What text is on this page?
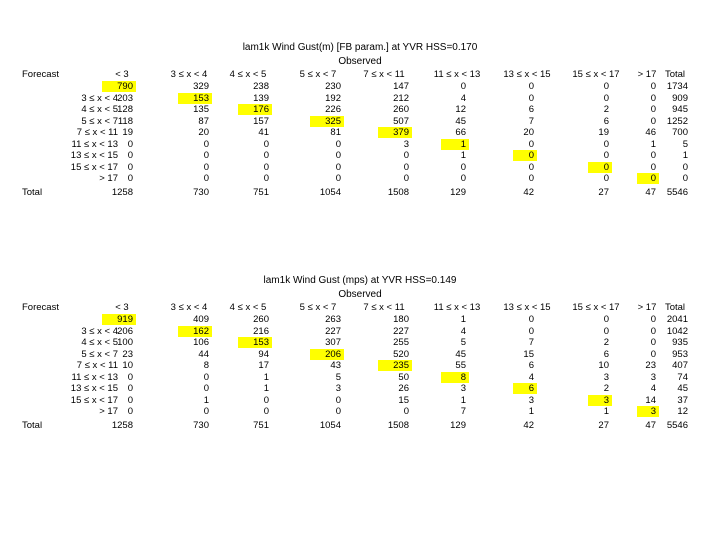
lam1k Wind Gust(m) [FB param.] at YVR HSS=0.170
Observed
Forecast	< 3	3 ≤ x < 4	4 ≤ x < 5	5 ≤ x < 7	7 ≤ x < 11	11 ≤ x < 13	13 ≤ x < 15	15 ≤ x < 17	> 17 Total
790	329	238	230	147	0	0	0	0	1734
3 ≤ x < 4 203	153	139	192	212	4	0	0	0	909
4 ≤ x < 5 128	135	176	226	260	12	6	2	0	945
5 ≤ x < 7 118	87	157	325	507	45	7	6	0	1252
7 ≤ x < 11 19	20	41	81	379	66	20	19	46	700
11 ≤ x < 13	0	0	0	0	3	1	0	0	1	5
13 ≤ x < 15	0	0	0	0	0	1	0	0	0	1
15 ≤ x < 17	0	0	0	0	0	0	0	0	0	0
> 17	0	0	0	0	0	0	0	0	0	0
Total	1258	730	751	1054	1508	129	42	27	47	5546
lam1k Wind Gust (mps) at YVR HSS=0.149
Observed
Forecast	< 3	3 ≤ x < 4	4 ≤ x < 5	5 ≤ x < 7	7 ≤ x < 11	11 ≤ x < 13	13 ≤ x < 15	15 ≤ x < 17	> 17 Total
919	409	260	263	180	1	0	0	0	2041
3 ≤ x < 4 206	162	216	227	227	4	0	0	0	1042
4 ≤ x < 5 100	106	153	307	255	5	7	2	0	935
5 ≤ x < 7 23	44	94	206	520	45	15	6	0	953
7 ≤ x < 11 10	8	17	43	235	55	6	10	23	407
11 ≤ x < 13	0	0	1	5	50	8	4	3	3	74
13 ≤ x < 15	0	0	1	3	26	3	6	2	4	45
15 ≤ x < 17	0	1	0	0	15	1	3	3	14	37
> 17	0	0	0	0	0	7	1	1	3	12
Total	1258	730	751	1054	1508	129	42	27	47	5546
